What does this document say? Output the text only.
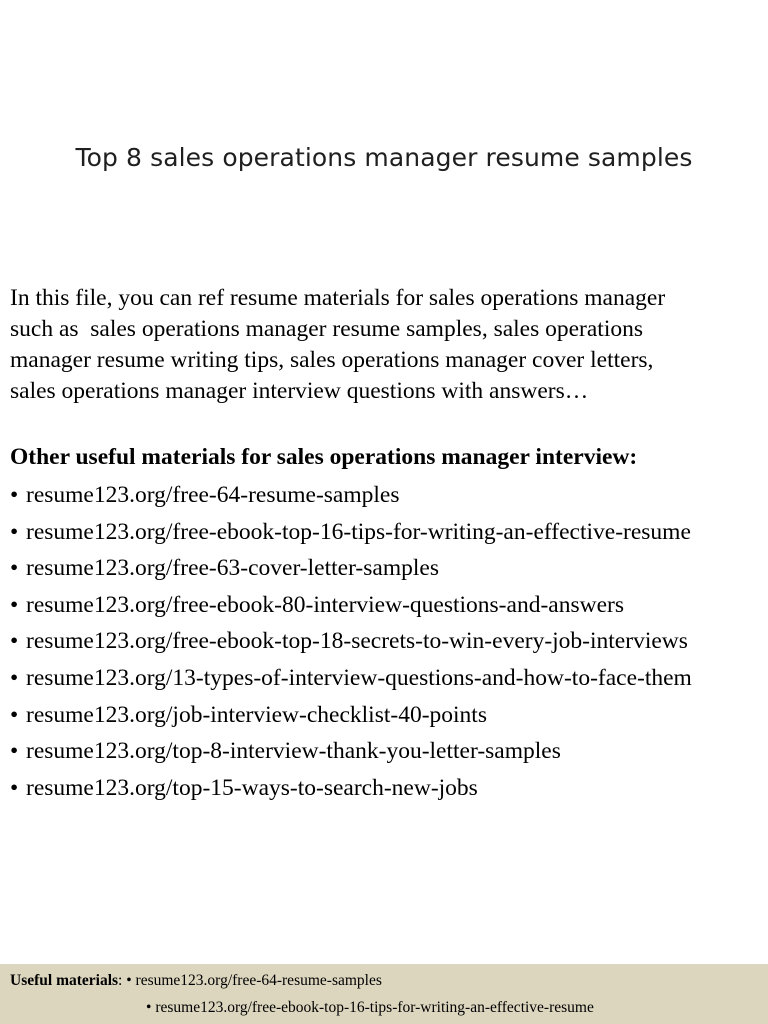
Top 8 sales operations manager resume samples

In this file, you can ref resume materials for sales operations manager
such as  sales operations manager resume samples, sales operations
manager resume writing tips, sales operations manager cover letters,
sales operations manager interview questions with answers…

Other useful materials for sales operations manager interview:

• resume123.org/free-64-resume-samples
• resume123.org/free-ebook-top-16-tips-for-writing-an-effective-resume
• resume123.org/free-63-cover-letter-samples
• resume123.org/free-ebook-80-interview-questions-and-answers
• resume123.org/free-ebook-top-18-secrets-to-win-every-job-interviews
• resume123.org/13-types-of-interview-questions-and-how-to-face-them
• resume123.org/job-interview-checklist-40-points
• resume123.org/top-8-interview-thank-you-letter-samples
• resume123.org/top-15-ways-to-search-new-jobs
Useful materials: • resume123.org/free-64-resume-samples
• resume123.org/free-ebook-top-16-tips-for-writing-an-effective-resume
